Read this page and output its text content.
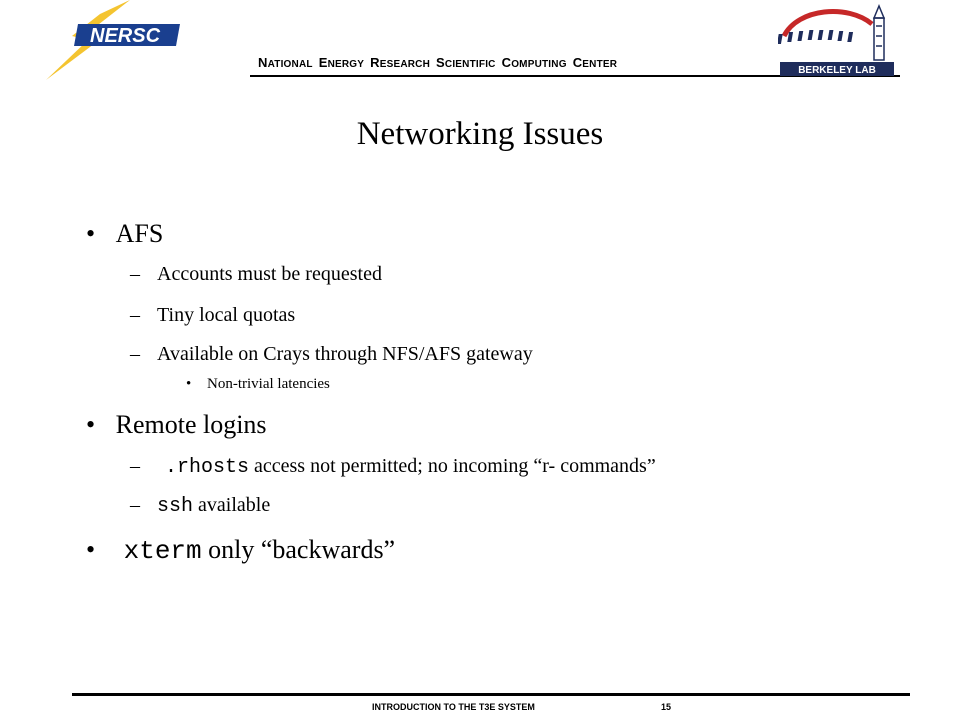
NERSC
NATIONAL ENERGY RESEARCH SCIENTIFIC COMPUTING CENTER
BERKELEY LAB
Networking Issues
• AFS
– Accounts must be requested
– Tiny local quotas
– Available on Crays through NFS/AFS gateway
• Non-trivial latencies
• Remote logins
– .rhosts access not permitted; no incoming “r- commands”
– ssh available
• xterm only “backwards”
INTRODUCTION TO THE T3E SYSTEM	15
